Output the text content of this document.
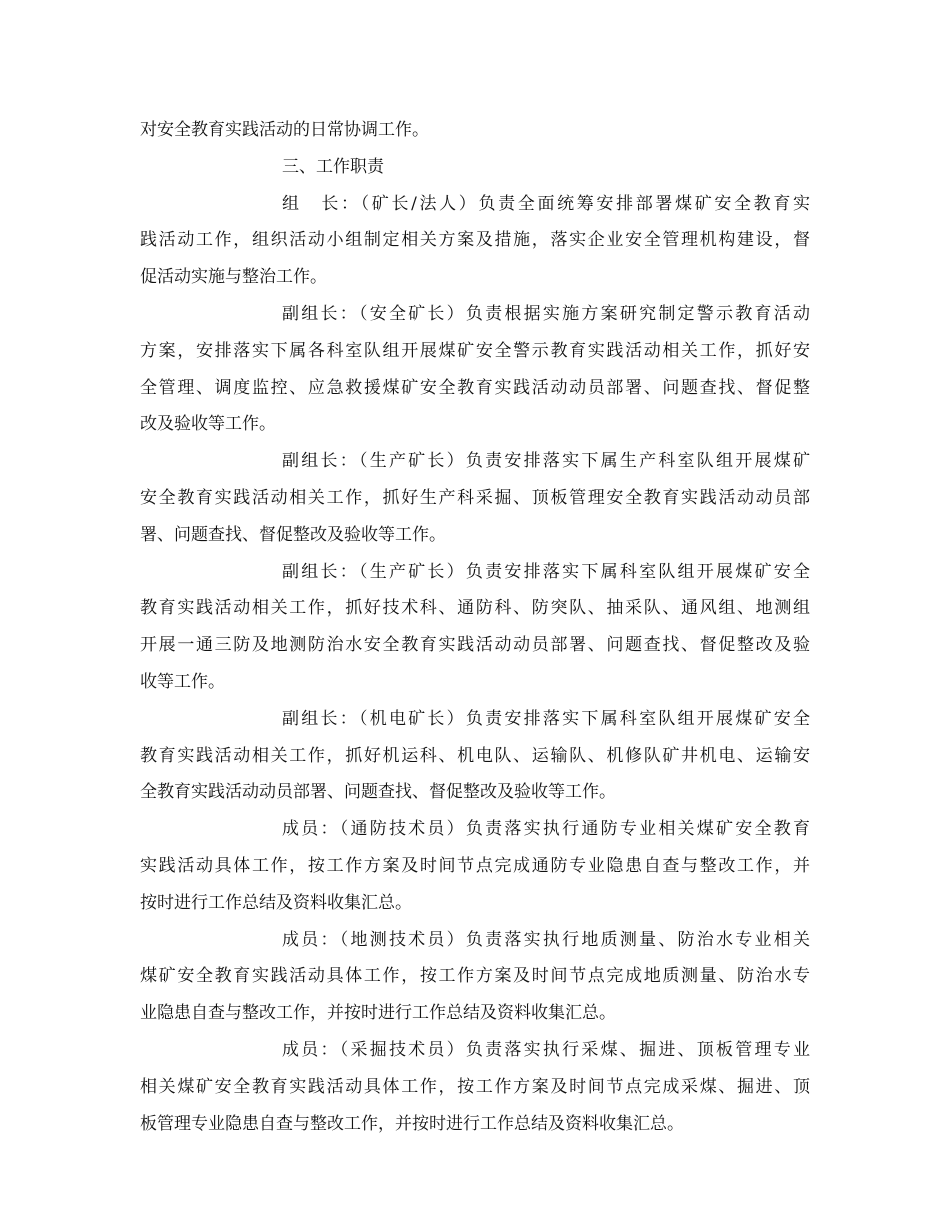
对安全教育实践活动的日常协调工作。
三、工作职责
组　长：（矿长/法人）负责全面统筹安排部署煤矿安全教育实
践活动工作，组织活动小组制定相关方案及措施，落实企业安全管理机构建设，督
促活动实施与整治工作。
副组长：（安全矿长）负责根据实施方案研究制定警示教育活动
方案，安排落实下属各科室队组开展煤矿安全警示教育实践活动相关工作，抓好安
全管理、调度监控、应急救援煤矿安全教育实践活动动员部署、问题查找、督促整
改及验收等工作。
副组长：（生产矿长）负责安排落实下属生产科室队组开展煤矿
安全教育实践活动相关工作，抓好生产科采掘、顶板管理安全教育实践活动动员部
署、问题查找、督促整改及验收等工作。
副组长：（生产矿长）负责安排落实下属科室队组开展煤矿安全
教育实践活动相关工作，抓好技术科、通防科、防突队、抽采队、通风组、地测组
开展一通三防及地测防治水安全教育实践活动动员部署、问题查找、督促整改及验
收等工作。
副组长：（机电矿长）负责安排落实下属科室队组开展煤矿安全
教育实践活动相关工作，抓好机运科、机电队、运输队、机修队矿井机电、运输安
全教育实践活动动员部署、问题查找、督促整改及验收等工作。
成员：（通防技术员）负责落实执行通防专业相关煤矿安全教育
实践活动具体工作，按工作方案及时间节点完成通防专业隐患自查与整改工作，并
按时进行工作总结及资料收集汇总。
成员：（地测技术员）负责落实执行地质测量、防治水专业相关
煤矿安全教育实践活动具体工作，按工作方案及时间节点完成地质测量、防治水专
业隐患自查与整改工作，并按时进行工作总结及资料收集汇总。
成员：（采掘技术员）负责落实执行采煤、掘进、顶板管理专业
相关煤矿安全教育实践活动具体工作，按工作方案及时间节点完成采煤、掘进、顶
板管理专业隐患自查与整改工作，并按时进行工作总结及资料收集汇总。
